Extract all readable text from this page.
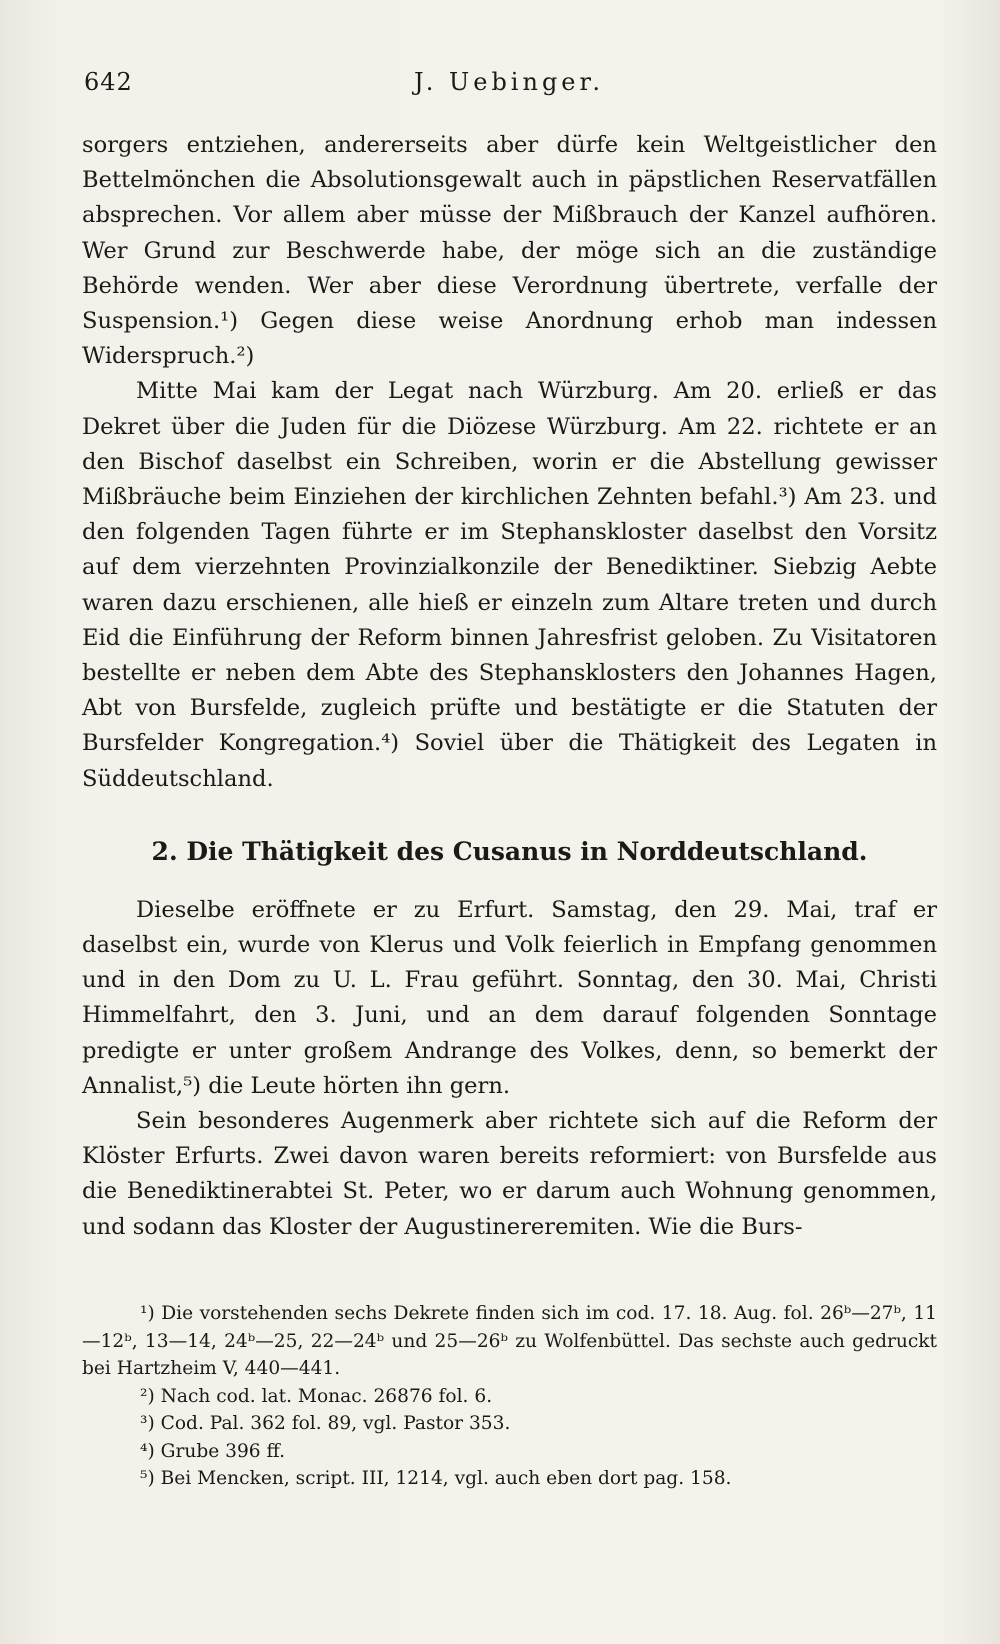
642	J. Uebinger.

sorgers entziehen, andererseits aber dürfe kein Weltgeistlicher den Bettelmönchen die Absolutionsgewalt auch in päpstlichen Reservatfällen absprechen. Vor allem aber müsse der Mißbrauch der Kanzel aufhören. Wer Grund zur Beschwerde habe, der möge sich an die zuständige Behörde wenden. Wer aber diese Verordnung übertrete, verfalle der Suspension.¹) Gegen diese weise Anordnung erhob man indessen Widerspruch.²)

Mitte Mai kam der Legat nach Würzburg. Am 20. erließ er das Dekret über die Juden für die Diözese Würzburg. Am 22. richtete er an den Bischof daselbst ein Schreiben, worin er die Abstellung gewisser Mißbräuche beim Einziehen der kirchlichen Zehnten befahl.³) Am 23. und den folgenden Tagen führte er im Stephanskloster daselbst den Vorsitz auf dem vierzehnten Provinzialkonzile der Benediktiner. Siebzig Aebte waren dazu erschienen, alle hieß er einzeln zum Altare treten und durch Eid die Einführung der Reform binnen Jahresfrist geloben. Zu Visitatoren bestellte er neben dem Abte des Stephansklosters den Johannes Hagen, Abt von Bursfelde, zugleich prüfte und bestätigte er die Statuten der Bursfelder Kongregation.⁴) Soviel über die Thätigkeit des Legaten in Süddeutschland.

2. Die Thätigkeit des Cusanus in Norddeutschland.

Dieselbe eröffnete er zu Erfurt. Samstag, den 29. Mai, traf er daselbst ein, wurde von Klerus und Volk feierlich in Empfang genommen und in den Dom zu U. L. Frau geführt. Sonntag, den 30. Mai, Christi Himmelfahrt, den 3. Juni, und an dem darauf folgenden Sonntage predigte er unter großem Andrange des Volkes, denn, so bemerkt der Annalist,⁵) die Leute hörten ihn gern.

Sein besonderes Augenmerk aber richtete sich auf die Reform der Klöster Erfurts. Zwei davon waren bereits reformiert: von Bursfelde aus die Benediktinerabtei St. Peter, wo er darum auch Wohnung genommen, und sodann das Kloster der Augustinereremiten. Wie die Burs-

¹) Die vorstehenden sechs Dekrete finden sich im cod. 17. 18. Aug. fol. 26ᵇ—27ᵇ, 11—12ᵇ, 13—14, 24ᵇ—25, 22—24ᵇ und 25—26ᵇ zu Wolfenbüttel. Das sechste auch gedruckt bei Hartzheim V, 440—441.

²) Nach cod. lat. Monac. 26876 fol. 6.

³) Cod. Pal. 362 fol. 89, vgl. Pastor 353.

⁴) Grube 396 ff.

⁵) Bei Mencken, script. III, 1214, vgl. auch eben dort pag. 158.
